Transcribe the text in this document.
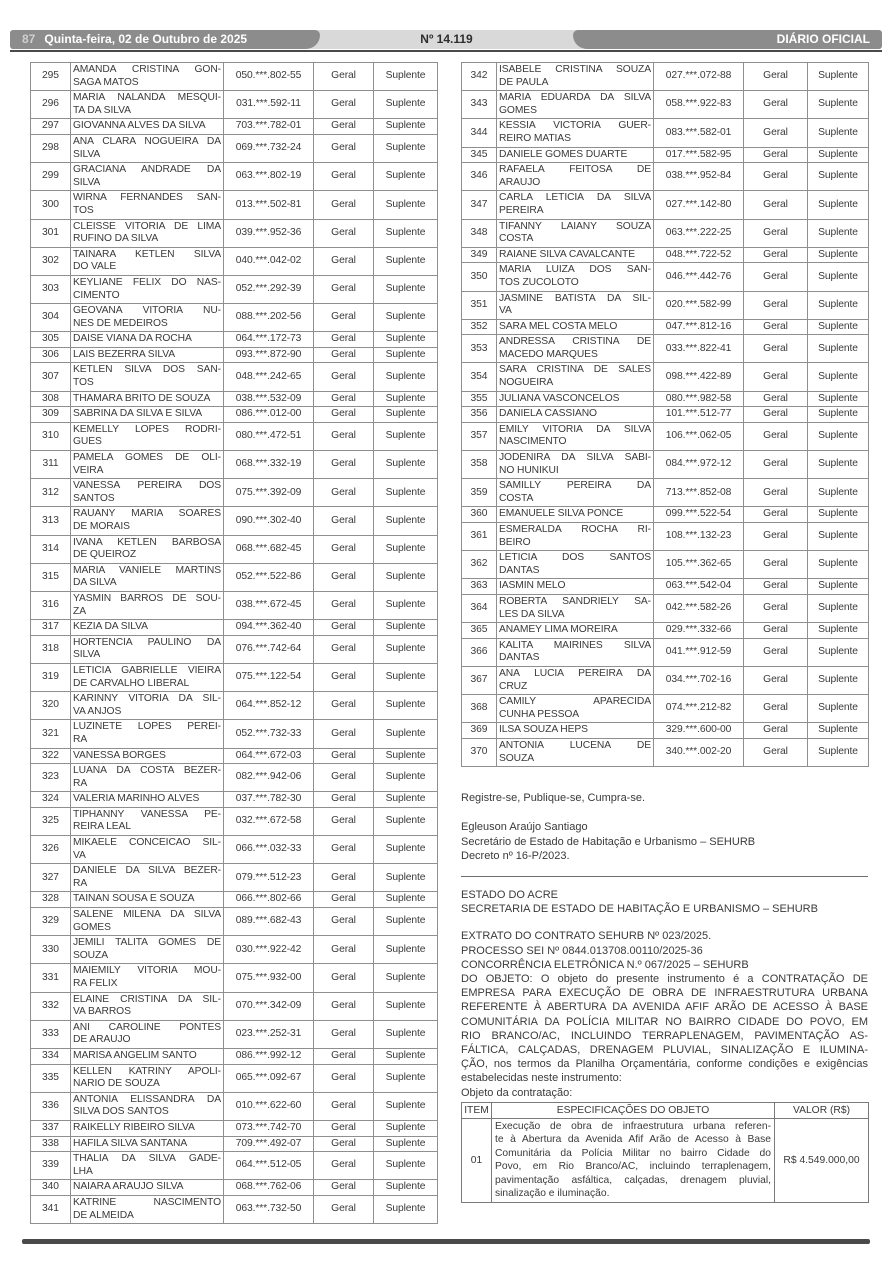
87 Quinta-feira, 02 de Outubro de 2025	Nº 14.119	DIÁRIO OFICIAL
295	AMANDA CRISTINA GON-
SAGA MATOS	050.***.802-55	Geral	Suplente
296	MARIA NALANDA MESQUI-
TA DA SILVA	031.***.592-11	Geral	Suplente
297	GIOVANNA ALVES DA SILVA	703.***.782-01	Geral	Suplente
298	ANA CLARA NOGUEIRA DA
SILVA	069.***.732-24	Geral	Suplente
299	GRACIANA ANDRADE DA
SILVA	063.***.802-19	Geral	Suplente
300	WIRNA FERNANDES SAN-
TOS	013.***.502-81	Geral	Suplente
301	CLEISSE VITORIA DE LIMA
RUFINO DA SILVA	039.***.952-36	Geral	Suplente
302	TAINARA KETLEN SILVA
DO VALE	040.***.042-02	Geral	Suplente
303	KEYLIANE FELIX DO NAS-
CIMENTO	052.***.292-39	Geral	Suplente
304	GEOVANA VITORIA NU-
NES DE MEDEIROS	088.***.202-56	Geral	Suplente
305	DAISE VIANA DA ROCHA	064.***.172-73	Geral	Suplente
306	LAIS BEZERRA SILVA	093.***.872-90	Geral	Suplente
307	KETLEN SILVA DOS SAN-
TOS	048.***.242-65	Geral	Suplente
308	THAMARA BRITO DE SOUZA	038.***.532-09	Geral	Suplente
309	SABRINA DA SILVA E SILVA	086.***.012-00	Geral	Suplente
310	KEMELLY LOPES RODRI-
GUES	080.***.472-51	Geral	Suplente
311	PAMELA GOMES DE OLI-
VEIRA	068.***.332-19	Geral	Suplente
312	VANESSA PEREIRA DOS
SANTOS	075.***.392-09	Geral	Suplente
313	RAUANY MARIA SOARES
DE MORAIS	090.***.302-40	Geral	Suplente
314	IVANA KETLEN BARBOSA
DE QUEIROZ	068.***.682-45	Geral	Suplente
315	MARIA VANIELE MARTINS
DA SILVA	052.***.522-86	Geral	Suplente
316	YASMIN BARROS DE SOU-
ZA	038.***.672-45	Geral	Suplente
317	KEZIA DA SILVA	094.***.362-40	Geral	Suplente
318	HORTENCIA PAULINO DA
SILVA	076.***.742-64	Geral	Suplente
319	LETICIA GABRIELLE VIEIRA
DE CARVALHO LIBERAL	075.***.122-54	Geral	Suplente
320	KARINNY VITORIA DA SIL-
VA ANJOS	064.***.852-12	Geral	Suplente
321	LUZINETE LOPES PEREI-
RA	052.***.732-33	Geral	Suplente
322	VANESSA BORGES	064.***.672-03	Geral	Suplente
323	LUANA DA COSTA BEZER-
RA	082.***.942-06	Geral	Suplente
324	VALERIA MARINHO ALVES	037.***.782-30	Geral	Suplente
325	TIPHANNY VANESSA PE-
REIRA LEAL	032.***.672-58	Geral	Suplente
326	MIKAELE CONCEICAO SIL-
VA	066.***.032-33	Geral	Suplente
327	DANIELE DA SILVA BEZER-
RA	079.***.512-23	Geral	Suplente
328	TAINAN SOUSA E SOUZA	066.***.802-66	Geral	Suplente
329	SALENE MILENA DA SILVA
GOMES	089.***.682-43	Geral	Suplente
330	JEMILI TALITA GOMES DE
SOUZA	030.***.922-42	Geral	Suplente
331	MAIEMILY VITORIA MOU-
RA FELIX	075.***.932-00	Geral	Suplente
332	ELAINE CRISTINA DA SIL-
VA BARROS	070.***.342-09	Geral	Suplente
333	ANI CAROLINE PONTES
DE ARAUJO	023.***.252-31	Geral	Suplente
334	MARISA ANGELIM SANTO	086.***.992-12	Geral	Suplente
335	KELLEN KATRINY APOLI-
NARIO DE SOUZA	065.***.092-67	Geral	Suplente
336	ANTONIA ELISSANDRA DA
SILVA DOS SANTOS	010.***.622-60	Geral	Suplente
337	RAIKELLY RIBEIRO SILVA	073.***.742-70	Geral	Suplente
338	HAFILA SILVA SANTANA	709.***.492-07	Geral	Suplente
339	THALIA DA SILVA GADE-
LHA	064.***.512-05	Geral	Suplente
340	NAIARA ARAUJO SILVA	068.***.762-06	Geral	Suplente
341	KATRINE NASCIMENTO
DE ALMEIDA	063.***.732-50	Geral	Suplente
342	ISABELE CRISTINA SOUZA
DE PAULA	027.***.072-88	Geral	Suplente
343	MARIA EDUARDA DA SILVA
GOMES	058.***.922-83	Geral	Suplente
344	KESSIA VICTORIA GUER-
REIRO MATIAS	083.***.582-01	Geral	Suplente
345	DANIELE GOMES DUARTE	017.***.582-95	Geral	Suplente
346	RAFAELA FEITOSA DE
ARAUJO	038.***.952-84	Geral	Suplente
347	CARLA LETICIA DA SILVA
PEREIRA	027.***.142-80	Geral	Suplente
348	TIFANNY LAIANY SOUZA
COSTA	063.***.222-25	Geral	Suplente
349	RAIANE SILVA CAVALCANTE	048.***.722-52	Geral	Suplente
350	MARIA LUIZA DOS SAN-
TOS ZUCOLOTO	046.***.442-76	Geral	Suplente
351	JASMINE BATISTA DA SIL-
VA	020.***.582-99	Geral	Suplente
352	SARA MEL COSTA MELO	047.***.812-16	Geral	Suplente
353	ANDRESSA CRISTINA DE
MACEDO MARQUES	033.***.822-41	Geral	Suplente
354	SARA CRISTINA DE SALES
NOGUEIRA	098.***.422-89	Geral	Suplente
355	JULIANA VASCONCELOS	080.***.982-58	Geral	Suplente
356	DANIELA CASSIANO	101.***.512-77	Geral	Suplente
357	EMILY VITORIA DA SILVA
NASCIMENTO	106.***.062-05	Geral	Suplente
358	JODENIRA DA SILVA SABI-
NO HUNIKUI	084.***.972-12	Geral	Suplente
359	SAMILLY PEREIRA DA
COSTA	713.***.852-08	Geral	Suplente
360	EMANUELE SILVA PONCE	099.***.522-54	Geral	Suplente
361	ESMERALDA ROCHA RI-
BEIRO	108.***.132-23	Geral	Suplente
362	LETICIA DOS SANTOS
DANTAS	105.***.362-65	Geral	Suplente
363	IASMIN MELO	063.***.542-04	Geral	Suplente
364	ROBERTA SANDRIELY SA-
LES DA SILVA	042.***.582-26	Geral	Suplente
365	ANAMEY LIMA MOREIRA	029.***.332-66	Geral	Suplente
366	KALITA MAIRINES SILVA
DANTAS	041.***.912-59	Geral	Suplente
367	ANA LUCIA PEREIRA DA
CRUZ	034.***.702-16	Geral	Suplente
368	CAMILY APARECIDA
CUNHA PESSOA	074.***.212-82	Geral	Suplente
369	ILSA SOUZA HEPS	329.***.600-00	Geral	Suplente
370	ANTONIA LUCENA DE
SOUZA	340.***.002-20	Geral	Suplente
Registre-se, Publique-se, Cumpra-se.
Egleuson Araújo Santiago
Secretário de Estado de Habitação e Urbanismo – SEHURB
Decreto nº 16-P/2023.
ESTADO DO ACRE
SECRETARIA DE ESTADO DE HABITAÇÃO E URBANISMO – SEHURB
EXTRATO DO CONTRATO SEHURB Nº 023/2025.
PROCESSO SEI Nº 0844.013708.00110/2025-36
CONCORRÊNCIA ELETRÔNICA N.º 067/2025 – SEHURB
DO OBJETO: O objeto do presente instrumento é a CONTRATAÇÃO DE
EMPRESA PARA EXECUÇÃO DE OBRA DE INFRAESTRUTURA URBANA
REFERENTE À ABERTURA DA AVENIDA AFIF ARÃO DE ACESSO À BASE
COMUNITÁRIA DA POLÍCIA MILITAR NO BAIRRO CIDADE DO POVO, EM
RIO BRANCO/AC, INCLUINDO TERRAPLENAGEM, PAVIMENTAÇÃO AS-
FÁLTICA, CALÇADAS, DRENAGEM PLUVIAL, SINALIZAÇÃO E ILUMINA-
ÇÃO, nos termos da Planilha Orçamentária, conforme condições e exigências
estabelecidas neste instrumento:
Objeto da contratação:
ITEM	ESPECIFICAÇÕES DO OBJETO	VALOR (R$)
01	
Execução de obra de infraestrutura urbana referen-
te à Abertura da Avenida Afif Arão de Acesso à Base
Comunitária da Polícia Militar no bairro Cidade do
Povo, em Rio Branco/AC, incluindo terraplenagem,
pavimentação asfáltica, calçadas, drenagem pluvial,
sinalização e iluminação.
	R$ 4.549.000,00
